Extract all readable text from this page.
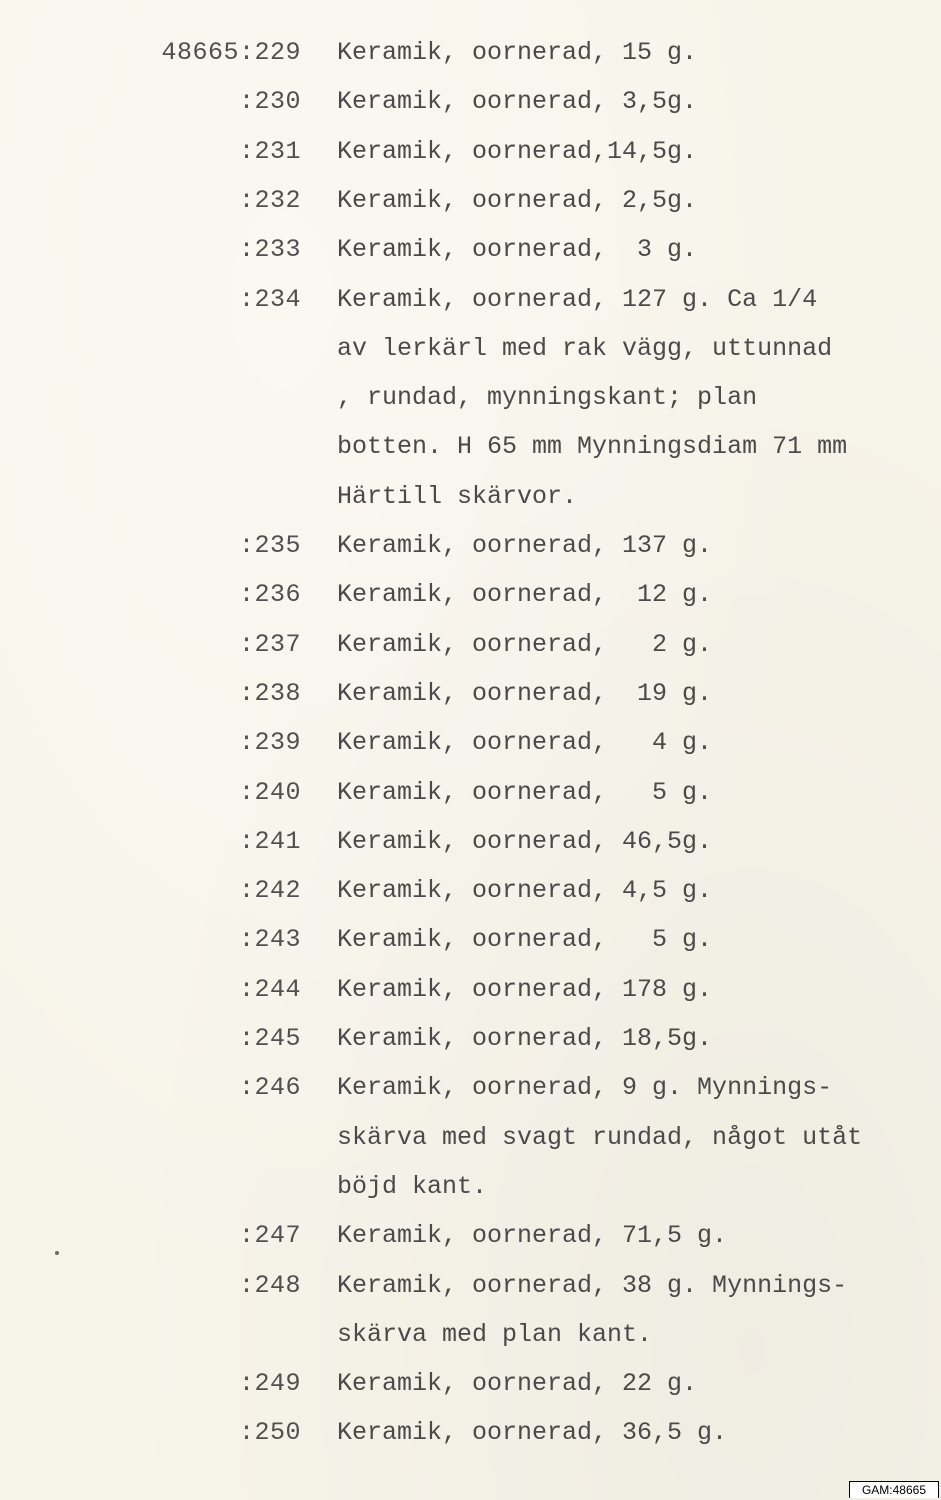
48665:229 Keramik, oornerad, 15 g.
:230 Keramik, oornerad, 3,5g.
:231 Keramik, oornerad,14,5g.
:232 Keramik, oornerad, 2,5g.
:233 Keramik, oornerad,  3 g.
:234 Keramik, oornerad, 127 g. Ca 1/4
av lerkärl med rak vägg, uttunnad
, rundad, mynningskant; plan
botten. H 65 mm Mynningsdiam 71 mm
Härtill skärvor.
:235 Keramik, oornerad, 137 g.
:236 Keramik, oornerad,  12 g.
:237 Keramik, oornerad,   2 g.
:238 Keramik, oornerad,  19 g.
:239 Keramik, oornerad,   4 g.
:240 Keramik, oornerad,   5 g.
:241 Keramik, oornerad, 46,5g.
:242 Keramik, oornerad, 4,5 g.
:243 Keramik, oornerad,   5 g.
:244 Keramik, oornerad, 178 g.
:245 Keramik, oornerad, 18,5g.
:246 Keramik, oornerad, 9 g. Mynnings-
skärva med svagt rundad, något utåt
böjd kant.
:247 Keramik, oornerad, 71,5 g.
:248 Keramik, oornerad, 38 g. Mynnings-
skärva med plan kant.
:249 Keramik, oornerad, 22 g.
:250 Keramik, oornerad, 36,5 g.
GAM:48665
